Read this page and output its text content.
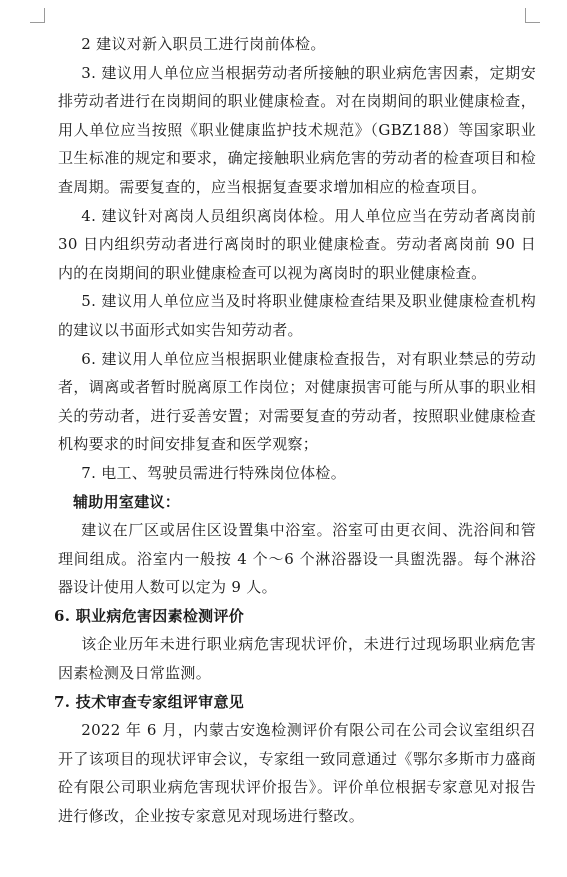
2 建议对新入职员工进行岗前体检。

3. 建议用人单位应当根据劳动者所接触的职业病危害因素，定期安排劳动者进行在岗期间的职业健康检查。对在岗期间的职业健康检查，用人单位应当按照《职业健康监护技术规范》（GBZ188）等国家职业卫生标准的规定和要求，确定接触职业病危害的劳动者的检查项目和检查周期。需要复查的，应当根据复查要求增加相应的检查项目。

4. 建议针对离岗人员组织离岗体检。用人单位应当在劳动者离岗前 30 日内组织劳动者进行离岗时的职业健康检查。劳动者离岗前 90 日内的在岗期间的职业健康检查可以视为离岗时的职业健康检查。

5. 建议用人单位应当及时将职业健康检查结果及职业健康检查机构的建议以书面形式如实告知劳动者。

6. 建议用人单位应当根据职业健康检查报告，对有职业禁忌的劳动者，调离或者暂时脱离原工作岗位；对健康损害可能与所从事的职业相关的劳动者，进行妥善安置；对需要复查的劳动者，按照职业健康检查机构要求的时间安排复查和医学观察；

7. 电工、驾驶员需进行特殊岗位体检。

辅助用室建议：

建议在厂区或居住区设置集中浴室。浴室可由更衣间、洗浴间和管理间组成。浴室内一般按 4 个～6 个淋浴器设一具盥洗器。每个淋浴器设计使用人数可以定为 9 人。

6. 职业病危害因素检测评价

该企业历年未进行职业病危害现状评价，未进行过现场职业病危害因素检测及日常监测。

7. 技术审查专家组评审意见

2022 年 6 月，内蒙古安逸检测评价有限公司在公司会议室组织召开了该项目的现状评审会议，专家组一致同意通过《鄂尔多斯市力盛商砼有限公司职业病危害现状评价报告》。评价单位根据专家意见对报告进行修改，企业按专家意见对现场进行整改。
